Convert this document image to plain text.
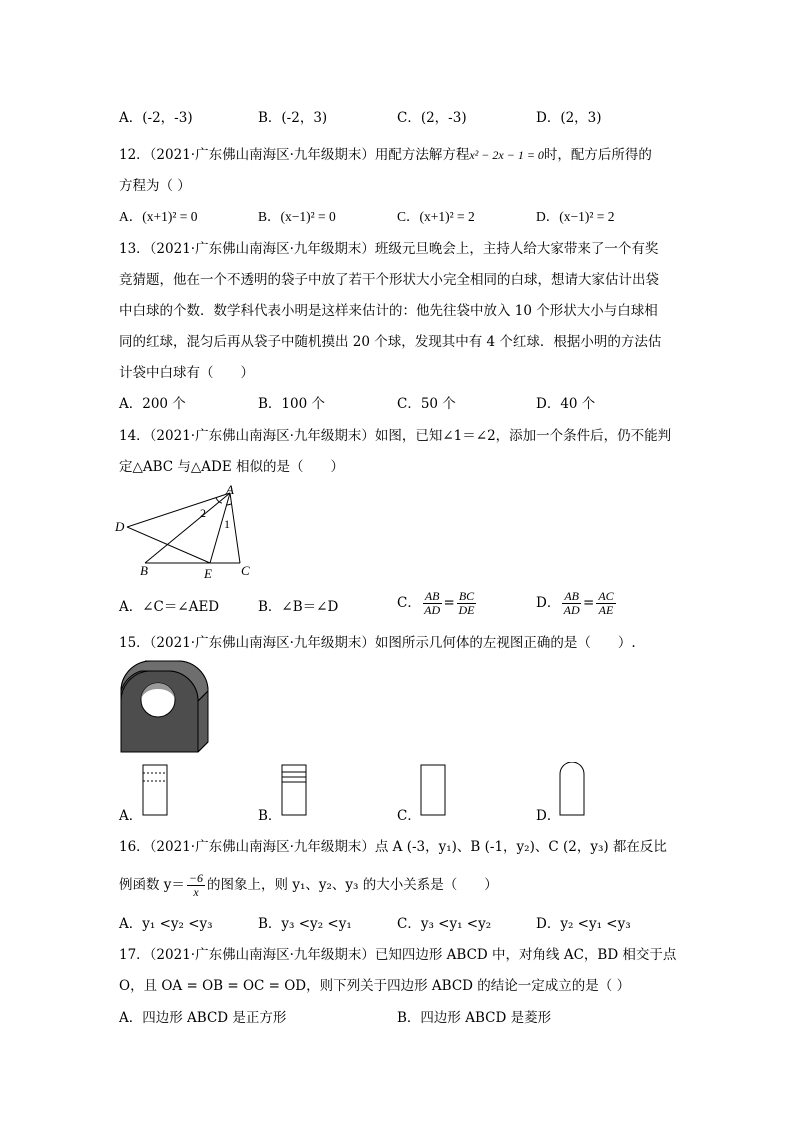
A．(-2，-3)	B．(-2，3)	C．(2，-3)	D．(2，3)
12．（2021·广东佛山南海区·九年级期末）用配方法解方程x² − 2x − 1 = 0时，配方后所得的
方程为（ ）
A．(x+1)² = 0	B．(x−1)² = 0	C．(x+1)² = 2	D．(x−1)² = 2
13．（2021·广东佛山南海区·九年级期末）班级元旦晚会上，主持人给大家带来了一个有奖
竞猜题，他在一个不透明的袋子中放了若干个形状大小完全相同的白球，想请大家估计出袋
中白球的个数．数学科代表小明是这样来估计的：他先往袋中放入 10 个形状大小与白球相
同的红球，混匀后再从袋子中随机摸出 20 个球，发现其中有 4 个红球．根据小明的方法估
计袋中白球有（　　）
A．200 个	B．100 个	C．50 个	D．40 个
14．（2021·广东佛山南海区·九年级期末）如图，已知∠1＝∠2，添加一个条件后，仍不能判
定△ABC 与△ADE 相似的是（　　）
A
D
B	E C
2
1
A．∠C＝∠AED	B．∠B＝∠D	C． $\frac{AB}{AD} = \frac{BC}{DE}$	D． $\frac{AB}{AD} = \frac{AC}{AE}$
15．（2021·广东佛山南海区·九年级期末）如图所示几何体的左视图正确的是（　　）.
A．	B．	C．	D．
16．（2021·广东佛山南海区·九年级期末）点 A (-3，y₁)、B (-1，y₂)、C (2，y₃) 都在反比
例函数 $y= \frac{-6}{x}$ 的图象上，则 y₁、y₂、y₃ 的大小关系是（　　）
A．y₁ <y₂ <y₃	B．y₃ <y₂ <y₁	C．y₃ <y₁ <y₂	D．y₂ <y₁ <y₃
17．（2021·广东佛山南海区·九年级期末）已知四边形 ABCD 中，对角线 AC，BD 相交于点
O，且 OA = OB = OC = OD，则下列关于四边形 ABCD 的结论一定成立的是（ ）
A．四边形 ABCD 是正方形	B．四边形 ABCD 是菱形
